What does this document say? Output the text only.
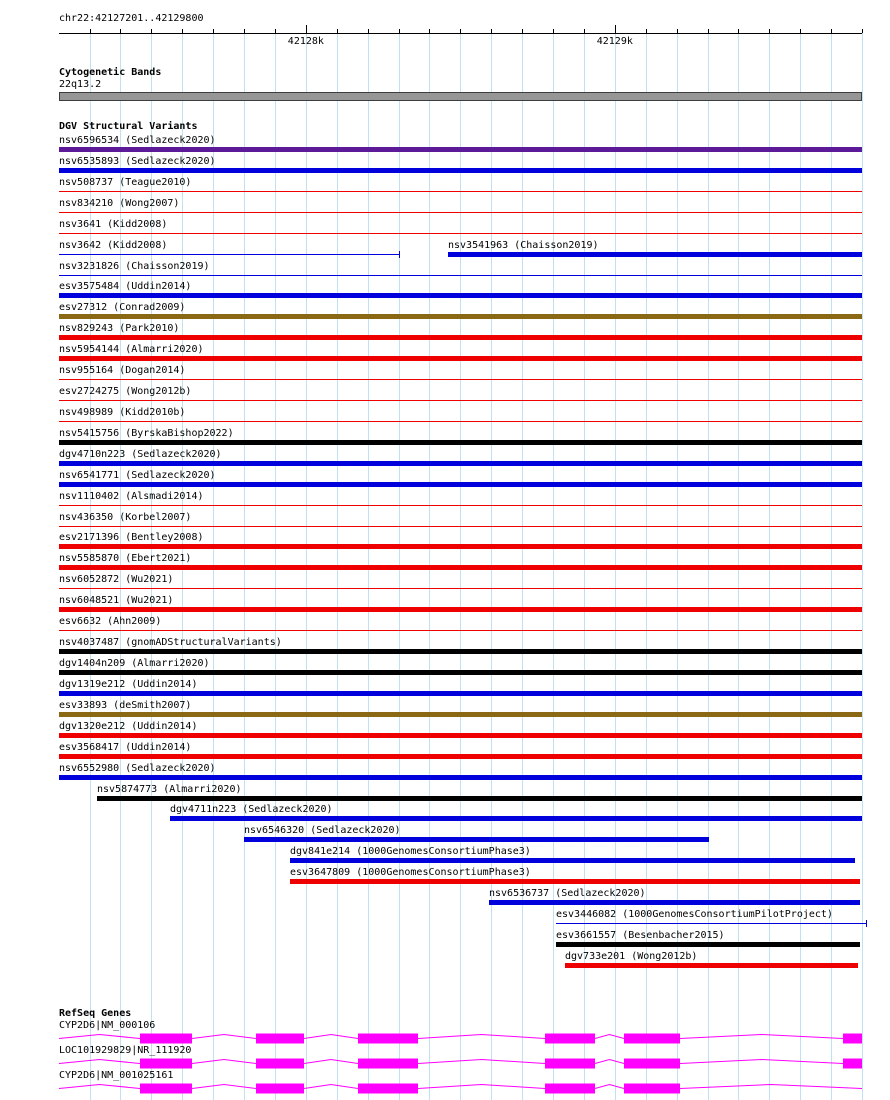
chr22:42127201..42129800
Cytogenetic Bands
22q13.2
DGV Structural Variants
RefSeq Genes
42128k	42129k
nsv6596534 (Sedlazeck2020)
nsv6535893 (Sedlazeck2020)
nsv508737 (Teague2010)
nsv834210 (Wong2007)
nsv3641 (Kidd2008)
nsv3642 (Kidd2008)	nsv3541963 (Chaisson2019)
nsv3231826 (Chaisson2019)
esv3575484 (Uddin2014)
esv27312 (Conrad2009)
nsv829243 (Park2010)
nsv5954144 (Almarri2020)
nsv955164 (Dogan2014)
esv2724275 (Wong2012b)
nsv498989 (Kidd2010b)
nsv5415756 (ByrskaBishop2022)
dgv4710n223 (Sedlazeck2020)
nsv6541771 (Sedlazeck2020)
nsv1110402 (Alsmadi2014)
nsv436350 (Korbel2007)
esv2171396 (Bentley2008)
nsv5585870 (Ebert2021)
nsv6052872 (Wu2021)
nsv6048521 (Wu2021)
esv6632 (Ahn2009)
nsv4037487 (gnomADStructuralVariants)
dgv1404n209 (Almarri2020)
dgv1319e212 (Uddin2014)
esv33893 (deSmith2007)
dgv1320e212 (Uddin2014)
esv3568417 (Uddin2014)
nsv6552980 (Sedlazeck2020)
nsv5874773 (Almarri2020)
dgv4711n223 (Sedlazeck2020)
nsv6546320 (Sedlazeck2020)
dgv841e214 (1000GenomesConsortiumPhase3)
esv3647809 (1000GenomesConsortiumPhase3)
nsv6536737 (Sedlazeck2020)
esv3446082 (1000GenomesConsortiumPilotProject)
esv3661557 (Besenbacher2015)
dgv733e201 (Wong2012b)
CYP2D6|NM_000106
LOC101929829|NR_111920
CYP2D6|NM_001025161
